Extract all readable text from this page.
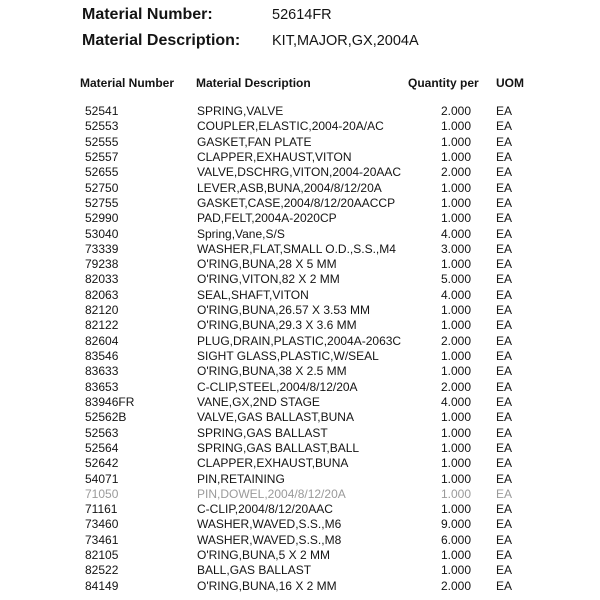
Material Number:	52614FR
Material Description: KIT,MAJOR,GX,2004A
Material Number Material Description	Quantity per UOM
52541	SPRING,VALVE	2.000 EA
52553	COUPLER,ELASTIC,2004-20A/AC	1.000 EA
52555	GASKET,FAN PLATE	1.000 EA
52557	CLAPPER,EXHAUST,VITON	1.000 EA
52655	VALVE,DSCHRG,VITON,2004-20AAC	2.000 EA
52750	LEVER,ASB,BUNA,2004/8/12/20A	1.000 EA
52755	GASKET,CASE,2004/8/12/20AACCP	1.000 EA
52990	PAD,FELT,2004A-2020CP	1.000 EA
53040	Spring,Vane,S/S	4.000 EA
73339	WASHER,FLAT,SMALL O.D.,S.S.,M4	3.000 EA
79238	O'RING,BUNA,28 X 5 MM	1.000 EA
82033	O'RING,VITON,82 X 2 MM	5.000 EA
82063	SEAL,SHAFT,VITON	4.000 EA
82120	O'RING,BUNA,26.57 X 3.53 MM	1.000 EA
82122	O'RING,BUNA,29.3 X 3.6 MM	1.000 EA
82604	PLUG,DRAIN,PLASTIC,2004A-2063C	2.000 EA
83546	SIGHT GLASS,PLASTIC,W/SEAL	1.000 EA
83633	O'RING,BUNA,38 X 2.5 MM	1.000 EA
83653	C-CLIP,STEEL,2004/8/12/20A	2.000 EA
83946FR	VANE,GX,2ND STAGE	4.000 EA
52562B	VALVE,GAS BALLAST,BUNA	1.000 EA
52563	SPRING,GAS BALLAST	1.000 EA
52564	SPRING,GAS BALLAST,BALL	1.000 EA
52642	CLAPPER,EXHAUST,BUNA	1.000 EA
54071	PIN,RETAINING	1.000 EA
71050	PIN,DOWEL,2004/8/12/20A	1.000 EA
71161	C-CLIP,2004/8/12/20AAC	1.000 EA
73460	WASHER,WAVED,S.S.,M6	9.000 EA
73461	WASHER,WAVED,S.S.,M8	6.000 EA
82105	O'RING,BUNA,5 X 2 MM	1.000 EA
82522	BALL,GAS BALLAST	1.000 EA
84149	O'RING,BUNA,16 X 2 MM	2.000 EA
